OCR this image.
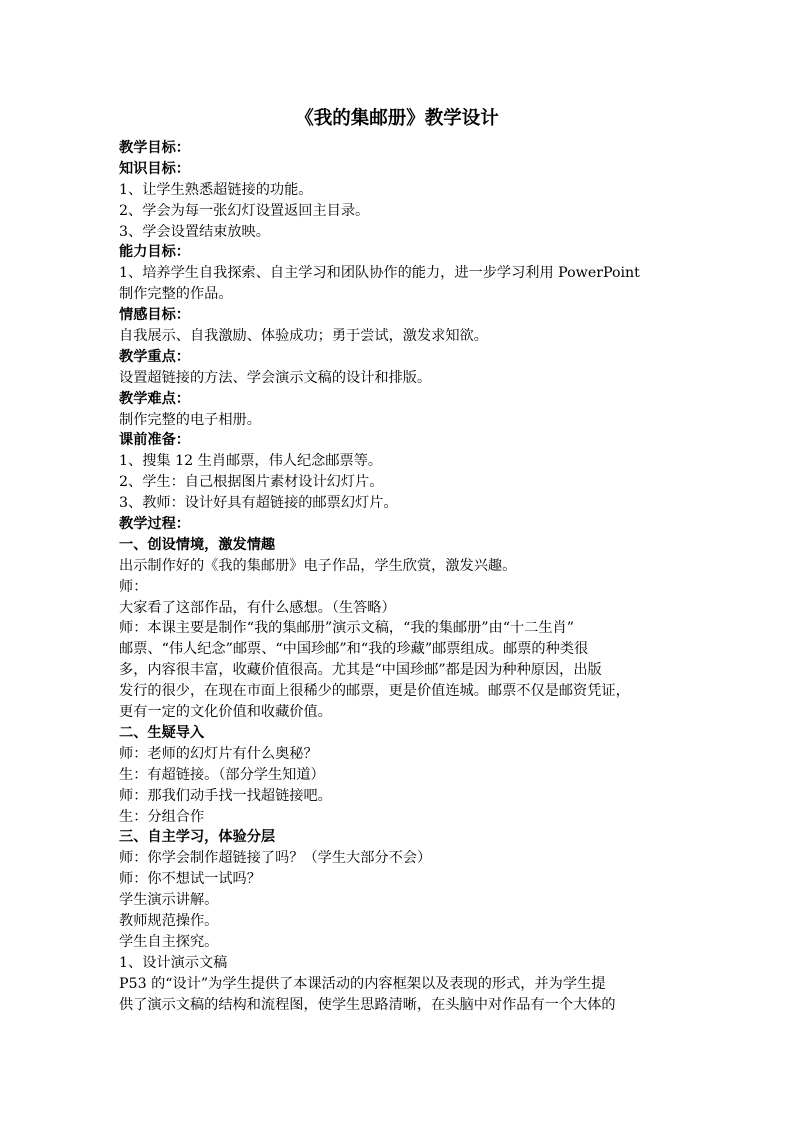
《我的集邮册》教学设计
教学目标：
知识目标：
1、让学生熟悉超链接的功能。
2、学会为每一张幻灯设置返回主目录。
3、学会设置结束放映。
能力目标：
1、培养学生自我探索、自主学习和团队协作的能力，进一步学习利用 PowerPoint
制作完整的作品。
情感目标：
自我展示、自我激励、体验成功；勇于尝试，激发求知欲。
教学重点：
设置超链接的方法、学会演示文稿的设计和排版。
教学难点：
制作完整的电子相册。
课前准备：
1、搜集 12 生肖邮票，伟人纪念邮票等。
2、学生：自己根据图片素材设计幻灯片。
3、教师：设计好具有超链接的邮票幻灯片。
教学过程：
一、创设情境，激发情趣
出示制作好的《我的集邮册》电子作品，学生欣赏，激发兴趣。
师：
大家看了这部作品，有什么感想。（生答略）
师：本课主要是制作“我的集邮册”演示文稿，“我的集邮册”由“十二生肖”
邮票、“伟人纪念”邮票、“中国珍邮”和“我的珍藏”邮票组成。邮票的种类很
多，内容很丰富，收藏价值很高。尤其是“中国珍邮”都是因为种种原因，出版
发行的很少，在现在市面上很稀少的邮票，更是价值连城。邮票不仅是邮资凭证，
更有一定的文化价值和收藏价值。
二、生疑导入
师：老师的幻灯片有什么奥秘？
生：有超链接。（部分学生知道）
师：那我们动手找一找超链接吧。
生：分组合作
三、自主学习，体验分层
师：你学会制作超链接了吗？（学生大部分不会）
师：你不想试一试吗？
学生演示讲解。
教师规范操作。
学生自主探究。
1、设计演示文稿
P53 的“设计”为学生提供了本课活动的内容框架以及表现的形式，并为学生提
供了演示文稿的结构和流程图，使学生思路清晰，在头脑中对作品有一个大体的
